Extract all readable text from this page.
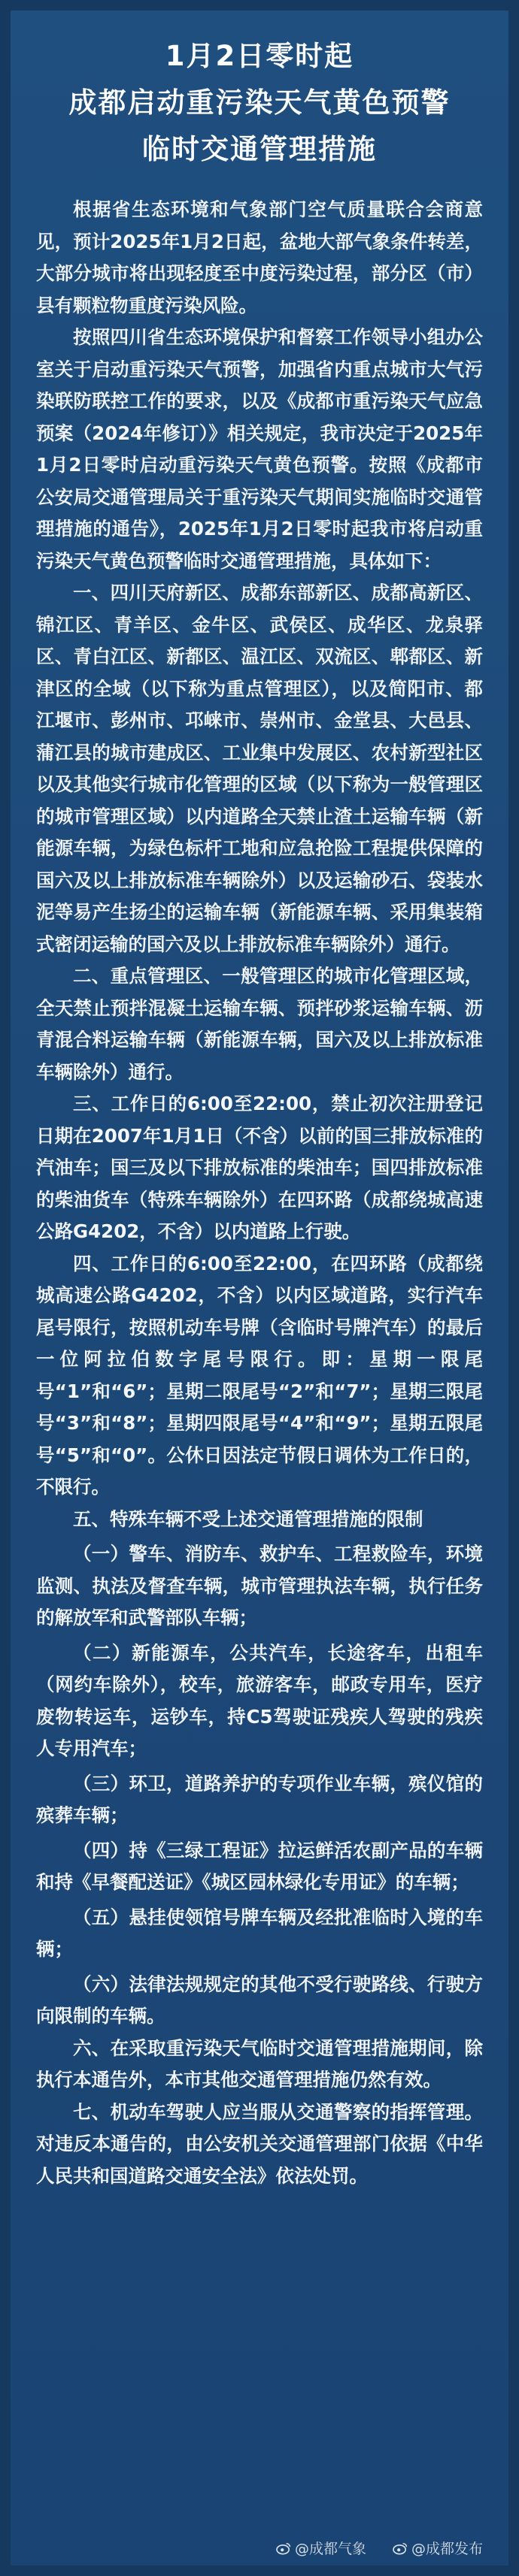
1月2日零时起
成都启动重污染天气黄色预警
临时交通管理措施

根据省生态环境和气象部门空气质量联合会商意见，预计2025年1月2日起，盆地大部气象条件转差，大部分城市将出现轻度至中度污染过程，部分区（市）县有颗粒物重度污染风险。

按照四川省生态环境保护和督察工作领导小组办公室关于启动重污染天气预警，加强省内重点城市大气污染联防联控工作的要求，以及《成都市重污染天气应急预案（2024年修订）》相关规定，我市决定于2025年1月2日零时启动重污染天气黄色预警。按照《成都市公安局交通管理局关于重污染天气期间实施临时交通管理措施的通告》，2025年1月2日零时起我市将启动重污染天气黄色预警临时交通管理措施，具体如下：

一、四川天府新区、成都东部新区、成都高新区、锦江区、青羊区、金牛区、武侯区、成华区、龙泉驿区、青白江区、新都区、温江区、双流区、郫都区、新津区的全域（以下称为重点管理区），以及简阳市、都江堰市、彭州市、邛崃市、崇州市、金堂县、大邑县、蒲江县的城市建成区、工业集中发展区、农村新型社区以及其他实行城市化管理的区域（以下称为一般管理区的城市管理区域）以内道路全天禁止渣土运输车辆（新能源车辆，为绿色标杆工地和应急抢险工程提供保障的国六及以上排放标准车辆除外）以及运输砂石、袋装水泥等易产生扬尘的运输车辆（新能源车辆、采用集装箱式密闭运输的国六及以上排放标准车辆除外）通行。

二、重点管理区、一般管理区的城市化管理区域，全天禁止预拌混凝土运输车辆、预拌砂浆运输车辆、沥青混合料运输车辆（新能源车辆，国六及以上排放标准车辆除外）通行。

三、工作日的6:00至22:00，禁止初次注册登记日期在2007年1月1日（不含）以前的国三排放标准的汽油车；国三及以下排放标准的柴油车；国四排放标准的柴油货车（特殊车辆除外）在四环路（成都绕城高速公路G4202，不含）以内道路上行驶。

四、工作日的6:00至22:00，在四环路（成都绕城高速公路G4202，不含）以内区域道路，实行汽车尾号限行，按照机动车号牌（含临时号牌汽车）的最后一位阿拉伯数字尾号限行。即：星期一限尾号“1”和“6”；星期二限尾号“2”和“7”；星期三限尾号“3”和“8”；星期四限尾号“4”和“9”；星期五限尾号“5”和“0”。公休日因法定节假日调休为工作日的，不限行。

五、特殊车辆不受上述交通管理措施的限制

（一）警车、消防车、救护车、工程救险车，环境监测、执法及督查车辆，城市管理执法车辆，执行任务的解放军和武警部队车辆；

（二）新能源车，公共汽车，长途客车，出租车（网约车除外），校车，旅游客车，邮政专用车，医疗废物转运车，运钞车，持C5驾驶证残疾人驾驶的残疾人专用汽车；

（三）环卫，道路养护的专项作业车辆，殡仪馆的殡葬车辆；

（四）持《三绿工程证》拉运鲜活农副产品的车辆和持《早餐配送证》《城区园林绿化专用证》的车辆；

（五）悬挂使领馆号牌车辆及经批准临时入境的车辆；

（六）法律法规规定的其他不受行驶路线、行驶方向限制的车辆。

六、在采取重污染天气临时交通管理措施期间，除执行本通告外，本市其他交通管理措施仍然有效。

七、机动车驾驶人应当服从交通警察的指挥管理。对违反本通告的，由公安机关交通管理部门依据《中华人民共和国道路交通安全法》依法处罚。

@成都气象	@成都发布
